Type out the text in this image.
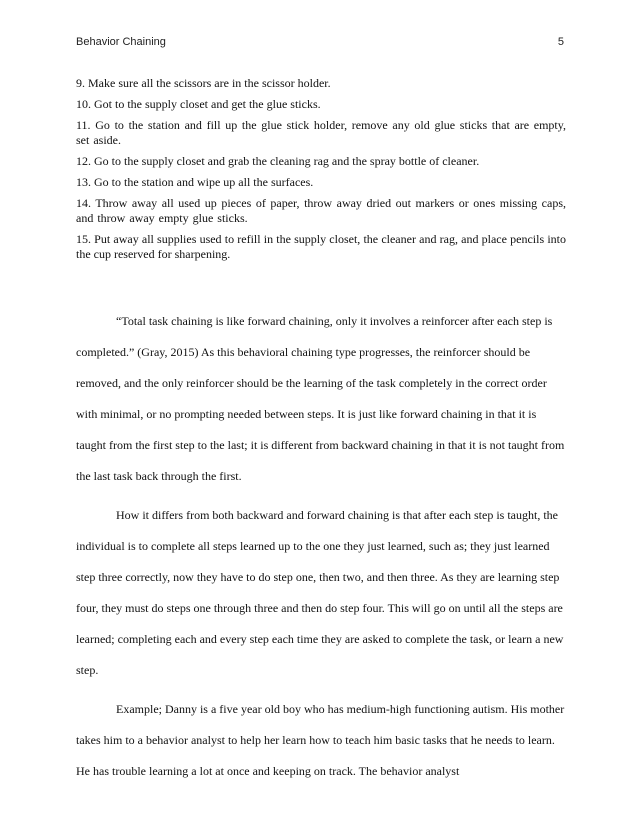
Behavior Chaining	5

9. Make sure all the scissors are in the scissor holder.

10. Got to the supply closet and get the glue sticks.

11. Go to the station and fill up the glue stick holder, remove any old glue sticks that are empty, set aside.

12. Go to the supply closet and grab the cleaning rag and the spray bottle of cleaner.

13. Go to the station and wipe up all the surfaces.

14. Throw away all used up pieces of paper, throw away dried out markers or ones missing caps, and throw away empty glue sticks.

15. Put away all supplies used to refill in the supply closet, the cleaner and rag, and place pencils into the cup reserved for sharpening.

“Total task chaining is like forward chaining, only it involves a reinforcer after each step is completed.” (Gray, 2015) As this behavioral chaining type progresses, the reinforcer should be removed, and the only reinforcer should be the learning of the task completely in the correct order with minimal, or no prompting needed between steps. It is just like forward chaining in that it is taught from the first step to the last; it is different from backward chaining in that it is not taught from the last task back through the first.

How it differs from both backward and forward chaining is that after each step is taught, the individual is to complete all steps learned up to the one they just learned, such as; they just learned step three correctly, now they have to do step one, then two, and then three. As they are learning step four, they must do steps one through three and then do step four. This will go on until all the steps are learned; completing each and every step each time they are asked to complete the task, or learn a new step.

Example; Danny is a five year old boy who has medium-high functioning autism. His mother takes him to a behavior analyst to help her learn how to teach him basic tasks that he needs to learn. He has trouble learning a lot at once and keeping on track. The behavior analyst
